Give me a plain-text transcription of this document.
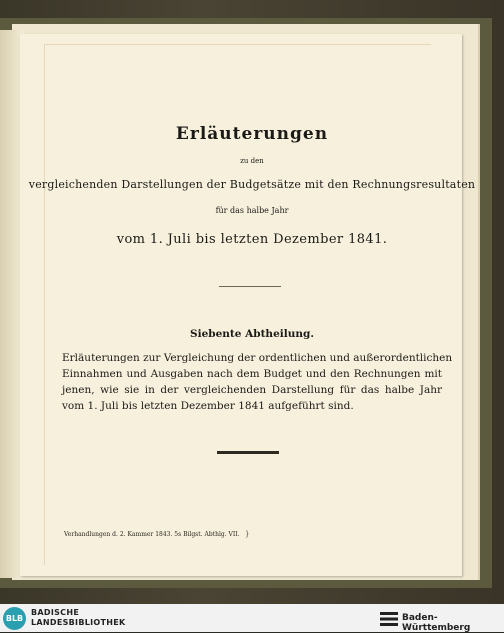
Erläuterungen
zu den
vergleichenden Darstellungen der Budgetsätze mit den Rechnungsresultaten
für das halbe Jahr
vom 1. Juli bis letzten Dezember 1841.
Siebente Abtheilung.
Erläuterungen zur Vergleichung der ordentlichen und außerordentlichen
Einnahmen und Ausgaben nach dem Budget und den Rechnungen mit
jenen, wie sie in der vergleichenden Darstellung für das halbe Jahr
vom 1. Juli bis letzten Dezember 1841 aufgeführt sind.
Verhandlungen d. 2. Kammer 1843. 5s Bilgst. Abthlg. VII. }
BLB
BADISCHE
LANDESBIBLIOTHEK	Baden-Württemberg
